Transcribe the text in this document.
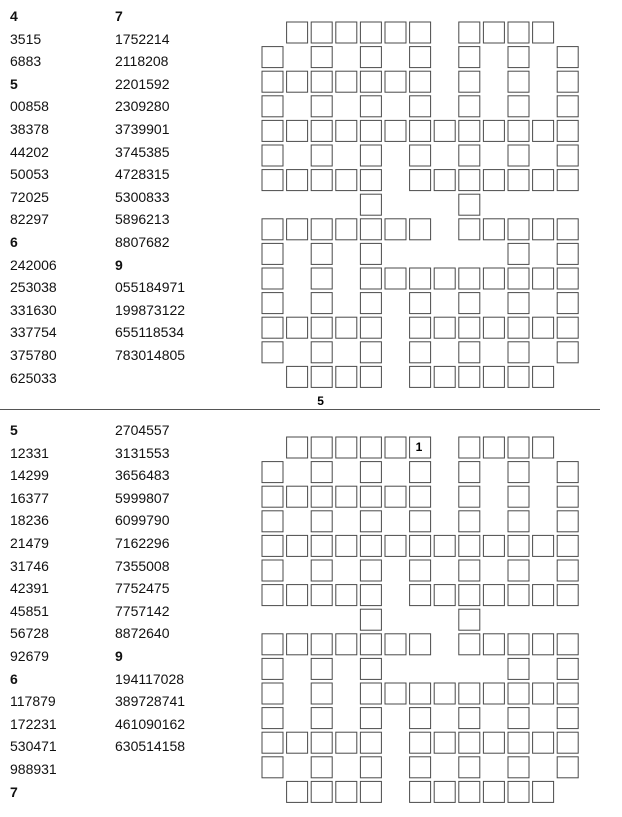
4
3515
6883
5
00858
38378
44202
50053
72025
82297
6
242006
253038
331630
337754
375780
625033
7
1752214
2118208
2201592
2309280
3739901
3745385
4728315
5300833
5896213
8807682
9
055184971
199873122
655118534
783014805
5
5
12331
14299
16377
18236
21479
31746
42391
45851
56728
92679
6
117879
172231
530471
988931
7
2704557
3131553
3656483
5999807
6099790
7162296
7355008
7752475
7757142
8872640
9
194117028
389728741
461090162
630514158
1
